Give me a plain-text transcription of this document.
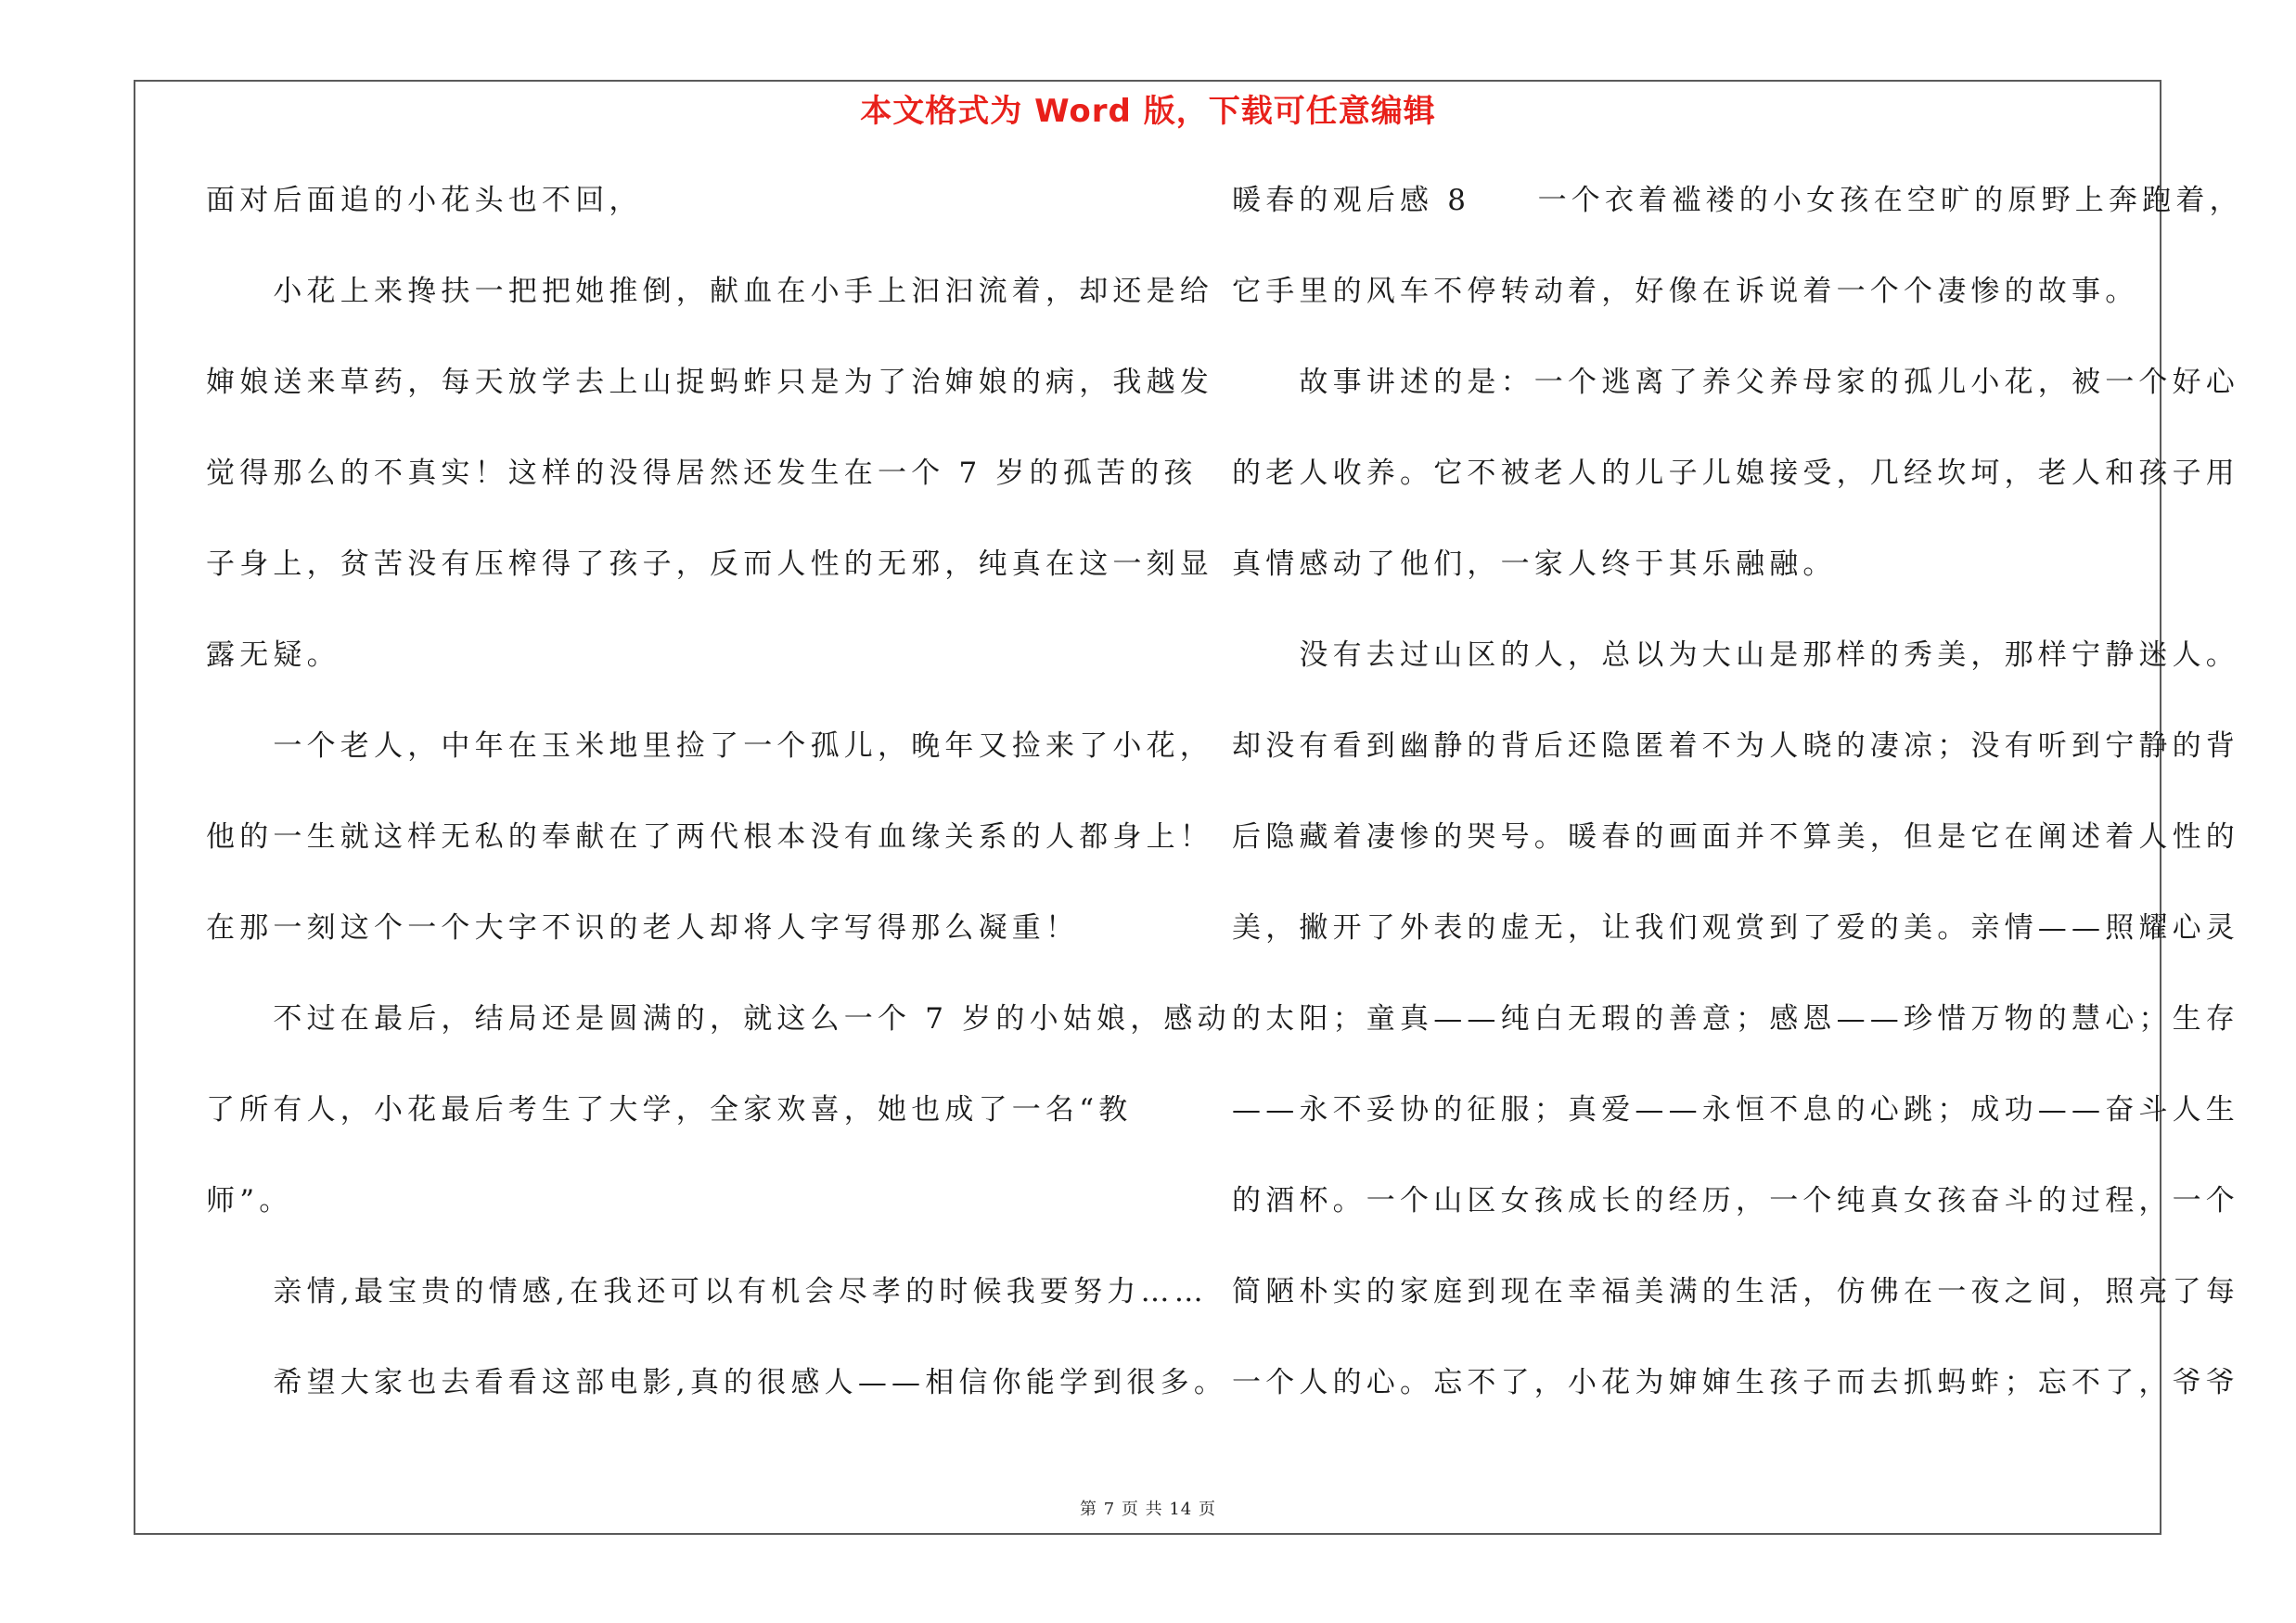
本文格式为 Word 版，下载可任意编辑
面对后面追的小花头也不回，
　　小花上来搀扶一把把她推倒，献血在小手上汩汩流着，却还是给
婶娘送来草药，每天放学去上山捉蚂蚱只是为了治婶娘的病，我越发
觉得那么的不真实！这样的没得居然还发生在一个 7 岁的孤苦的孩
子身上，贫苦没有压榨得了孩子，反而人性的无邪，纯真在这一刻显
露无疑。
　　一个老人，中年在玉米地里捡了一个孤儿，晚年又捡来了小花，
他的一生就这样无私的奉献在了两代根本没有血缘关系的人都身上！
在那一刻这个一个大字不识的老人却将人字写得那么凝重！
　　不过在最后，结局还是圆满的，就这么一个 7 岁的小姑娘，感动
了所有人，小花最后考生了大学，全家欢喜，她也成了一名“教
师”。
　　亲情,最宝贵的情感,在我还可以有机会尽孝的时候我要努力……
　　希望大家也去看看这部电影,真的很感人——相信你能学到很多。
暖春的观后感 8　　一个衣着褴褛的小女孩在空旷的原野上奔跑着，
它手里的风车不停转动着，好像在诉说着一个个凄惨的故事。
　　故事讲述的是：一个逃离了养父养母家的孤儿小花，被一个好心
的老人收养。它不被老人的儿子儿媳接受，几经坎坷，老人和孩子用
真情感动了他们，一家人终于其乐融融。
　　没有去过山区的人，总以为大山是那样的秀美，那样宁静迷人。
却没有看到幽静的背后还隐匿着不为人晓的凄凉；没有听到宁静的背
后隐藏着凄惨的哭号。暖春的画面并不算美，但是它在阐述着人性的
美，撇开了外表的虚无，让我们观赏到了爱的美。亲情——照耀心灵
的太阳；童真——纯白无瑕的善意；感恩——珍惜万物的慧心；生存
——永不妥协的征服；真爱——永恒不息的心跳；成功——奋斗人生
的酒杯。一个山区女孩成长的经历，一个纯真女孩奋斗的过程，一个
简陋朴实的家庭到现在幸福美满的生活，仿佛在一夜之间，照亮了每
一个人的心。忘不了，小花为婶婶生孩子而去抓蚂蚱；忘不了，爷爷
第 7 页 共 14 页
